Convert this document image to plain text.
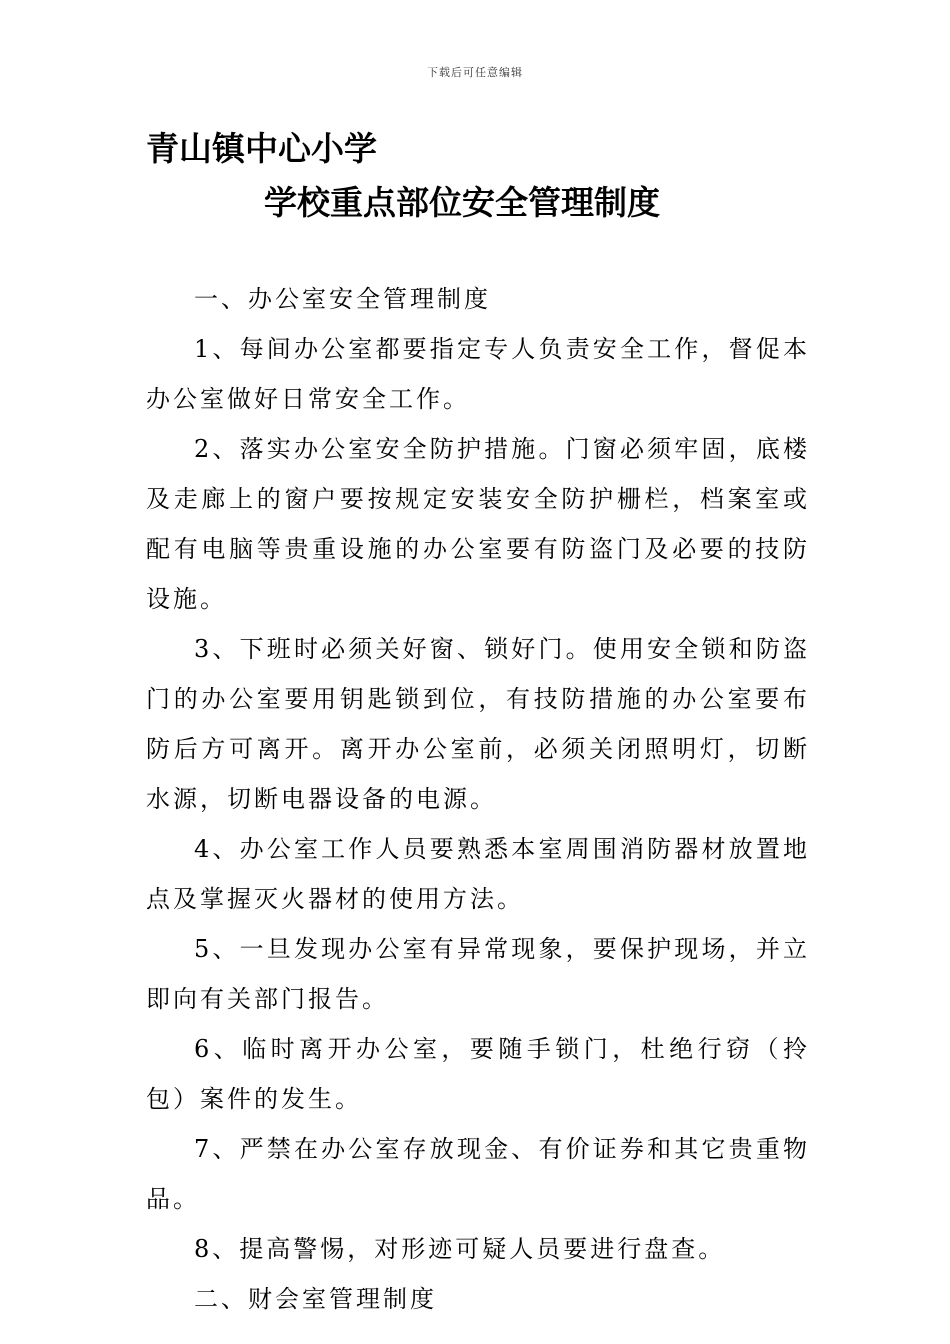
下载后可任意编辑
青山镇中心小学
学校重点部位安全管理制度

一、办公室安全管理制度

1、每间办公室都要指定专人负责安全工作，督促本办公室做好日常安全工作。

2、落实办公室安全防护措施。门窗必须牢固，底楼及走廊上的窗户要按规定安装安全防护栅栏，档案室或配有电脑等贵重设施的办公室要有防盗门及必要的技防设施。

3、下班时必须关好窗、锁好门。使用安全锁和防盗门的办公室要用钥匙锁到位，有技防措施的办公室要布防后方可离开。离开办公室前，必须关闭照明灯，切断水源，切断电器设备的电源。

4、办公室工作人员要熟悉本室周围消防器材放置地点及掌握灭火器材的使用方法。

5、一旦发现办公室有异常现象，要保护现场，并立即向有关部门报告。

6、临时离开办公室，要随手锁门，杜绝行窃（拎包）案件的发生。

7、严禁在办公室存放现金、有价证券和其它贵重物品。

8、提高警惕，对形迹可疑人员要进行盘查。

二、财会室管理制度
